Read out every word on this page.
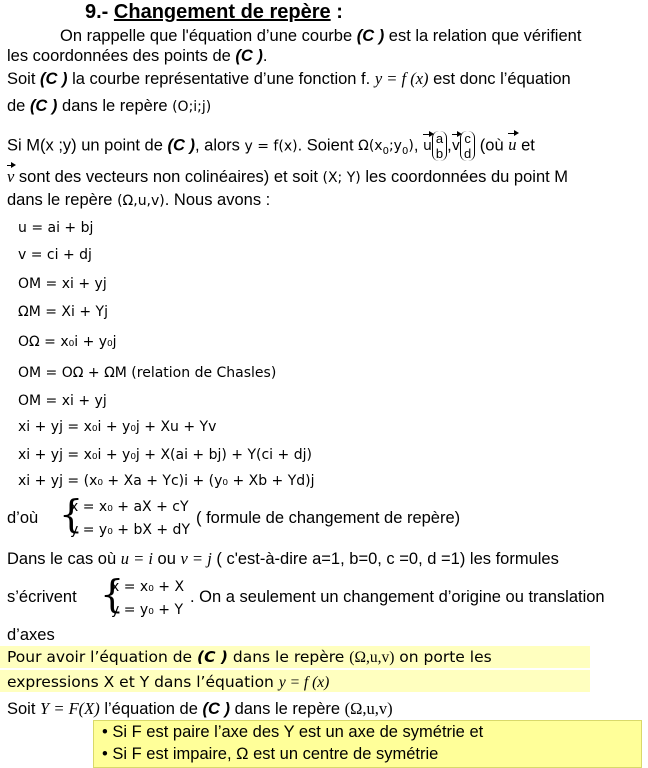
9.- Changement de repère :
On rappelle que l'équation d’une courbe (C ) est la relation que vérifient
les coordonnées des points de (C ).
Soit (C ) la courbe représentative d’une fonction f. y = f (x) est donc l’équation
de (C ) dans le repère (O;i;j)
Si M(x ;y) un point de (C ), alors y = f(x). Soient $\Omega(x_0;y_0)$, u a
b ,v c
d (où u et
v sont des vecteurs non colinéaires) et soit (X; Y) les coordonnées du point M
dans le repère (Ω,u,v). Nous avons :
u = ai + bj
v = ci + dj
OM = xi + yj
ΩM = Xi + Yj
OΩ = x₀i + y₀j
OM = OΩ + ΩM (relation de Chasles)
OM = xi + yj
xi + yj = x₀i + y₀j + Xu + Yv
xi + yj = x₀i + y₀j + X(ai + bj) + Y(ci + dj)
xi + yj = (x₀ + Xa + Yc)i + (y₀ + Xb + Yd)j
d’où {
x = x₀ + aX + cY
y = y₀ + bX + dY
( formule de changement de repère)
Dans le cas où u = i ou v = j ( c'est-à-dire a=1, b=0, c =0, d =1) les formules
s’écrivent {
x = x₀ + X
y = y₀ + Y
. On a seulement un changement d’origine ou translation
d’axes
Pour avoir l’équation de (C ) dans le repère (Ω,u,v) on porte les
expressions X et Y dans l’équation y = f (x)
Soit Y = F(X) l’équation de (C ) dans le repère (Ω,u,v)
• Si F est paire l’axe des Y est un axe de symétrie et
• Si F est impaire, Ω est un centre de symétrie
